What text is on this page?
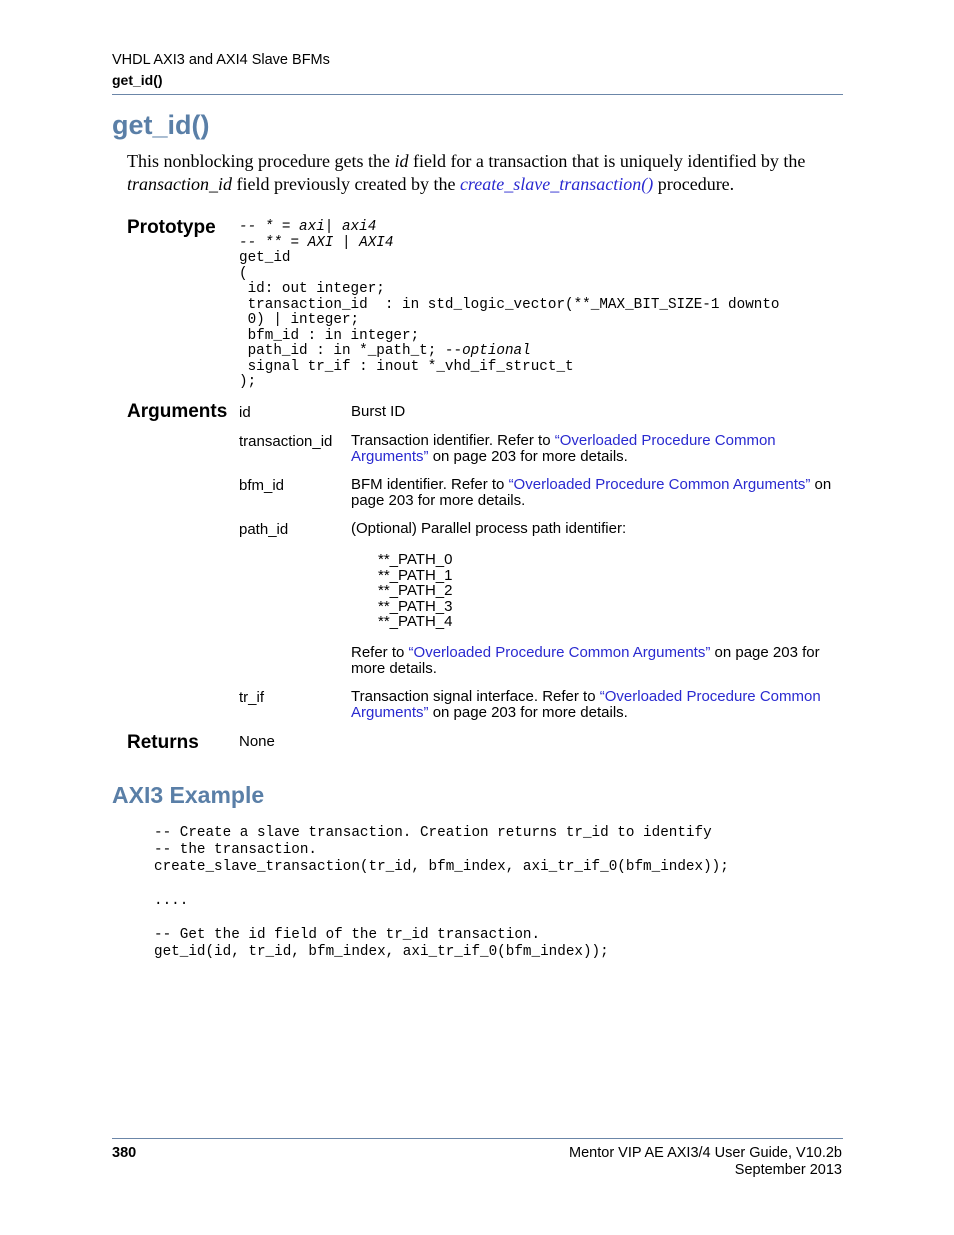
VHDL AXI3 and AXI4 Slave BFMs
get_id()
get_id()
This nonblocking procedure gets the id field for a transaction that is uniquely identified by the transaction_id field previously created by the create_slave_transaction() procedure.
Prototype -- * = axi| axi4
-- ** = AXI | AXI4
get_id
(
id: out integer;
transaction_id  : in std_logic_vector(**_MAX_BIT_SIZE-1 downto
0) | integer;
bfm_id : in integer;
path_id : in *_path_t; --optional
signal tr_if : inout *_vhd_if_struct_t
);
Arguments id	Burst ID
transaction_id Transaction identifier. Refer to “Overloaded Procedure Common Arguments” on page 203 for more details.
bfm_id	BFM identifier. Refer to “Overloaded Procedure Common Arguments” on page 203 for more details.
path_id	(Optional) Parallel process path identifier:
**_PATH_0
**_PATH_1
**_PATH_2
**_PATH_3
**_PATH_4
Refer to “Overloaded Procedure Common Arguments” on page 203 for more details.
tr_if	Transaction signal interface. Refer to “Overloaded Procedure Common Arguments” on page 203 for more details.
Returns	None
AXI3 Example
-- Create a slave transaction. Creation returns tr_id to identify
-- the transaction.
create_slave_transaction(tr_id, bfm_index, axi_tr_if_0(bfm_index));

....

-- Get the id field of the tr_id transaction.
get_id(id, tr_id, bfm_index, axi_tr_if_0(bfm_index));
380	Mentor VIP AE AXI3/4 User Guide, V10.2b
September 2013
